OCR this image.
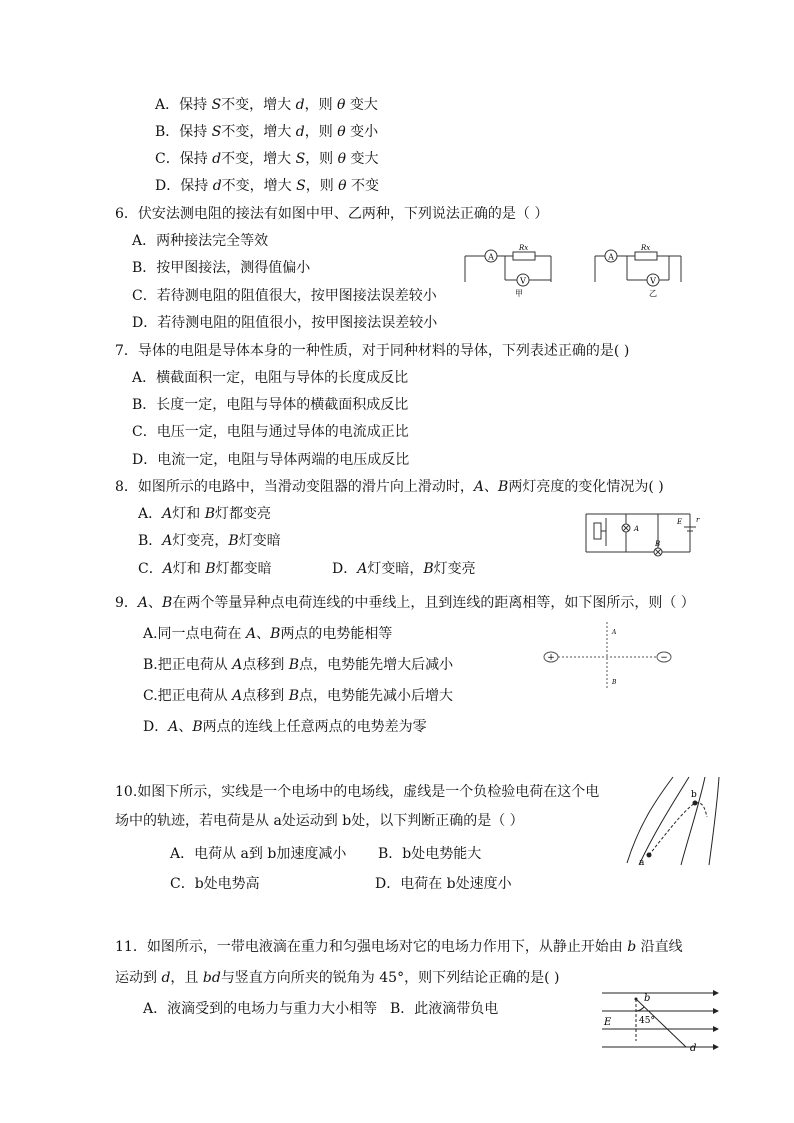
A．保持 S不变，增大 d，则 θ 变大
B．保持 S不变，增大 d，则 θ 变小
C．保持 d不变，增大 S，则 θ 变大
D．保持 d不变，增大 S，则 θ 不变
6．伏安法测电阻的接法有如图中甲、乙两种，下列说法正确的是（ ）
A．两种接法完全等效
B．按甲图接法，测得值偏小
C．若待测电阻的阻值很大，按甲图接法误差较小
D．若待测电阻的阻值很小，按甲图接法误差较小
A
V
Rx
甲
A
V
Rx
乙
7．导体的电阻是导体本身的一种性质，对于同种材料的导体，下列表述正确的是( )
A．横截面积一定，电阻与导体的长度成反比
B．长度一定，电阻与导体的横截面积成反比
C．电压一定，电阻与通过导体的电流成正比
D．电流一定，电阻与导体两端的电压成反比
8．如图所示的电路中，当滑动变阻器的滑片向上滑动时，A、B两灯亮度的变化情况为( )
A．A灯和 B灯都变亮
B．A灯变亮，B灯变暗
C．A灯和 B灯都变暗	D．A灯变暗，B灯变亮
A
B
E r
9．A、B在两个等量异种点电荷连线的中垂线上，且到连线的距离相等，如下图所示，则（ ）
A.同一点电荷在 A、B两点的电势能相等
B.把正电荷从 A点移到 B点，电势能先增大后减小
C.把正电荷从 A点移到 B点，电势能先减小后增大
D．A、B两点的连线上任意两点的电势差为零
+	−
A
B
10.如图下所示，实线是一个电场中的电场线，虚线是一个负检验电荷在这个电
场中的轨迹，若电荷是从 a处运动到 b处，以下判断正确的是（ ）
A．电荷从 a到 b加速度减小 B．b处电势能大
C．b处电势高	D．电荷在 b处速度小
a
b
11．如图所示，一带电液滴在重力和匀强电场对它的电场力作用下，从静止开始由 b 沿直线
运动到 d，且 bd与竖直方向所夹的锐角为 45°，则下列结论正确的是( )
A．液滴受到的电场力与重力大小相等 B．此液滴带负电
b
d
E	45°
